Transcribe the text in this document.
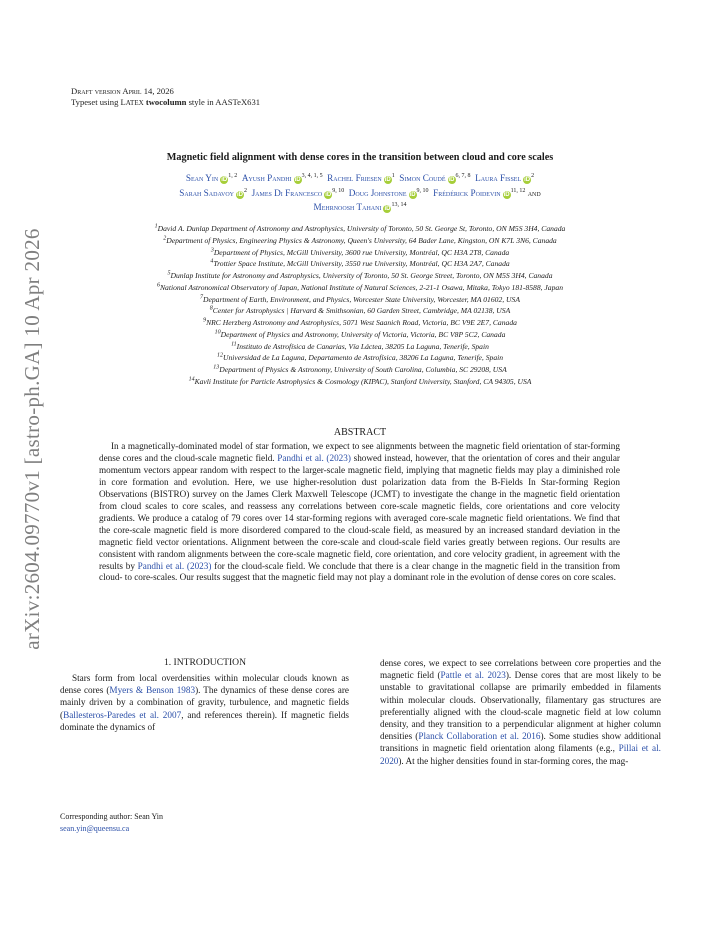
arXiv:2604.09770v1 [astro-ph.GA] 10 Apr 2026
Draft version April 14, 2026
Typeset using LATEX twocolumn style in AASTeX631
Magnetic field alignment with dense cores in the transition between cloud and core scales
Sean Yin iD$^{1, 2}$ Ayush Pandhi iD$^{3, 4, 1, 5}$ Rachel Friesen $iD^1$ Simon Coudé iD$^{6, 7, 8}$ Laura Fissel $iD^2$
Sarah Sadavoy $iD^2$ James Di Francesco iD$^{9, 10}$ Doug Johnstone iD$^{9, 10}$ Frédérick Poidevin iD$^{11, 12}$ and
Mehrnoosh Tahani iD$^{13, 14}$
$^1$David A. Dunlap Department of Astronomy and Astrophysics, University of Toronto, 50 St. George St, Toronto, ON M5S 3H4, Canada
$^2$Department of Physics, Engineering Physics & Astronomy, Queen's University, 64 Bader Lane, Kingston, ON K7L 3N6, Canada
$^3$Department of Physics, McGill University, 3600 rue University, Montréal, QC H3A 2T8, Canada
$^4$Trottier Space Institute, McGill University, 3550 rue University, Montréal, QC H3A 2A7, Canada
$^5$Dunlap Institute for Astronomy and Astrophysics, University of Toronto, 50 St. George Street, Toronto, ON M5S 3H4, Canada
$^6$National Astronomical Observatory of Japan, National Institute of Natural Sciences, 2-21-1 Osawa, Mitaka, Tokyo 181-8588, Japan
$^7$Department of Earth, Environment, and Physics, Worcester State University, Worcester, MA 01602, USA
$^8$Center for Astrophysics | Harvard & Smithsonian, 60 Garden Street, Cambridge, MA 02138, USA
$^9$NRC Herzberg Astronomy and Astrophysics, 5071 West Saanich Road, Victoria, BC V9E 2E7, Canada
$^{10}$Department of Physics and Astronomy, University of Victoria, Victoria, BC V8P 5C2, Canada
$^{11}$Instituto de Astrofísica de Canarias, Vía Láctea, 38205 La Laguna, Tenerife, Spain
$^{12}$Universidad de La Laguna, Departamento de Astrofísica, 38206 La Laguna, Tenerife, Spain
$^{13}$Department of Physics & Astronomy, University of South Carolina, Columbia, SC 29208, USA
$^{14}$Kavli Institute for Particle Astrophysics & Cosmology (KIPAC), Stanford University, Stanford, CA 94305, USA
ABSTRACT
In a magnetically-dominated model of star formation, we expect to see alignments between the magnetic field orientation of star-forming dense cores and the cloud-scale magnetic field. Pandhi et al. (2023) showed instead, however, that the orientation of cores and their angular momentum vectors appear random with respect to the larger-scale magnetic field, implying that magnetic fields may play a diminished role in core formation and evolution. Here, we use higher-resolution dust polarization data from the B-Fields In Star-forming Region Observations (BISTRO) survey on the James Clerk Maxwell Telescope (JCMT) to investigate the change in the magnetic field orientation from cloud scales to core scales, and reassess any correlations between core-scale magnetic fields, core orientations and core velocity gradients. We produce a catalog of 79 cores over 14 star-forming regions with averaged core-scale magnetic field orientations. We find that the core-scale magnetic field is more disordered compared to the cloud-scale field, as measured by an increased standard deviation in the magnetic field vector orientations. Alignment between the core-scale and cloud-scale field varies greatly between regions. Our results are consistent with random alignments between the core-scale magnetic field, core orientation, and core velocity gradient, in agreement with the results by Pandhi et al. (2023) for the cloud-scale field. We conclude that there is a clear change in the magnetic field in the transition from cloud- to core-scales. Our results suggest that the magnetic field may not play a dominant role in the evolution of dense cores on core scales.
1. INTRODUCTION
Stars form from local overdensities within molecular clouds known as dense cores (Myers & Benson 1983). The dynamics of these dense cores are mainly driven by a combination of gravity, turbulence, and magnetic fields (Ballesteros-Paredes et al. 2007, and references therein). If magnetic fields dominate the dynamics of
dense cores, we expect to see correlations between core properties and the magnetic field (Pattle et al. 2023). Dense cores that are most likely to be unstable to gravitational collapse are primarily embedded in filaments within molecular clouds. Observationally, filamentary gas structures are preferentially aligned with the cloud-scale magnetic field at low column density, and they transition to a perpendicular alignment at higher column densities (Planck Collaboration et al. 2016). Some studies show additional transitions in magnetic field orientation along filaments (e.g., Pillai et al. 2020). At the higher densities found in star-forming cores, the mag-
Corresponding author: Sean Yin
sean.yin@queensu.ca
